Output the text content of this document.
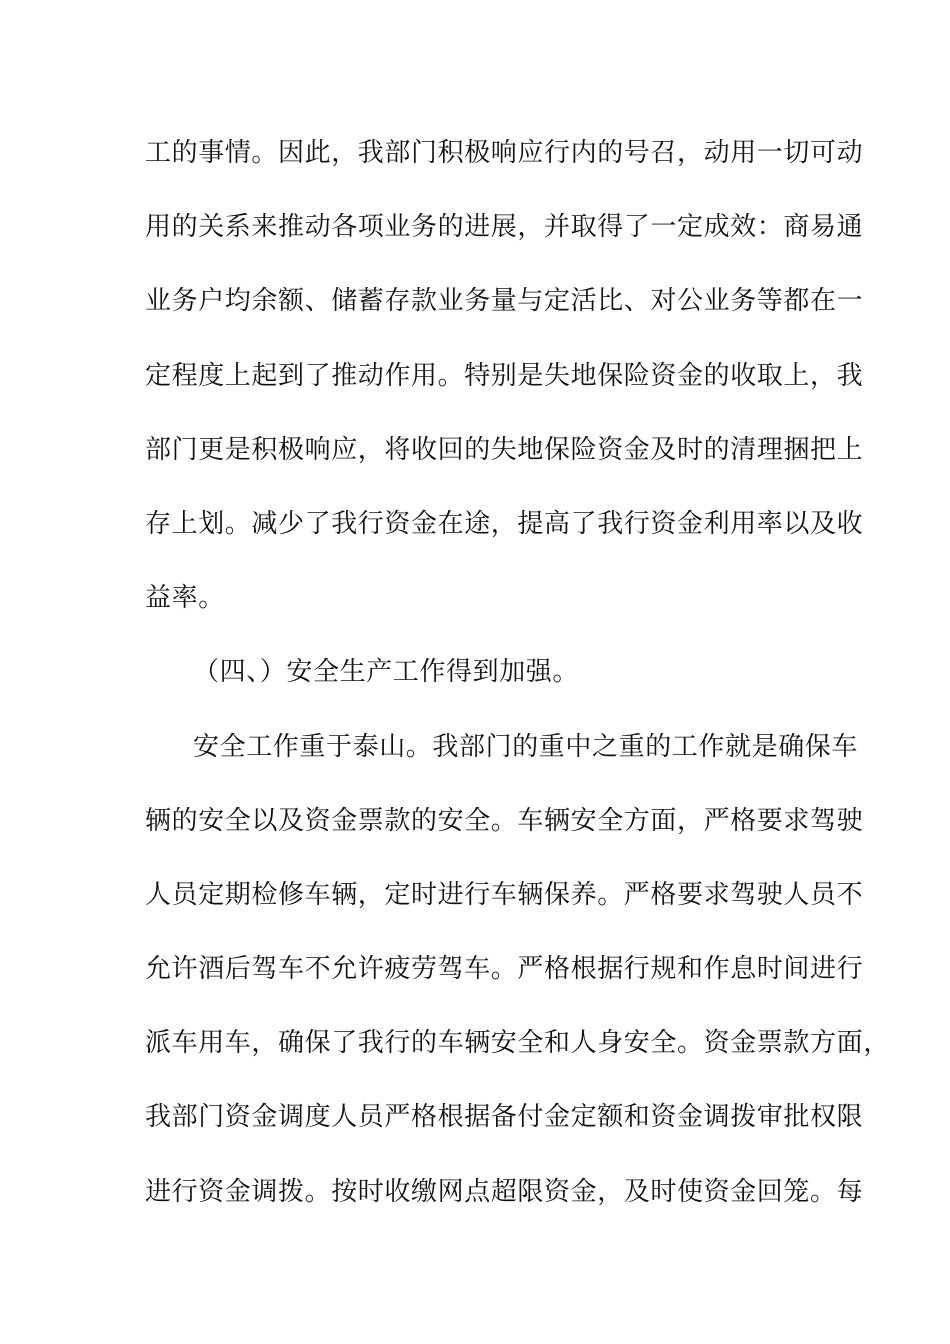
工的事情。因此，我部门积极响应行内的号召，动用一切可动
用的关系来推动各项业务的进展，并取得了一定成效：商易通
业务户均余额、储蓄存款业务量与定活比、对公业务等都在一
定程度上起到了推动作用。特别是失地保险资金的收取上，我
部门更是积极响应，将收回的失地保险资金及时的清理捆把上
存上划。减少了我行资金在途，提高了我行资金利用率以及收
益率。
（四、）安全生产工作得到加强。
安全工作重于泰山。我部门的重中之重的工作就是确保车
辆的安全以及资金票款的安全。车辆安全方面，严格要求驾驶
人员定期检修车辆，定时进行车辆保养。严格要求驾驶人员不
允许酒后驾车不允许疲劳驾车。严格根据行规和作息时间进行
派车用车，确保了我行的车辆安全和人身安全。资金票款方面，
我部门资金调度人员严格根据备付金定额和资金调拨审批权限
进行资金调拨。按时收缴网点超限资金，及时使资金回笼。每
